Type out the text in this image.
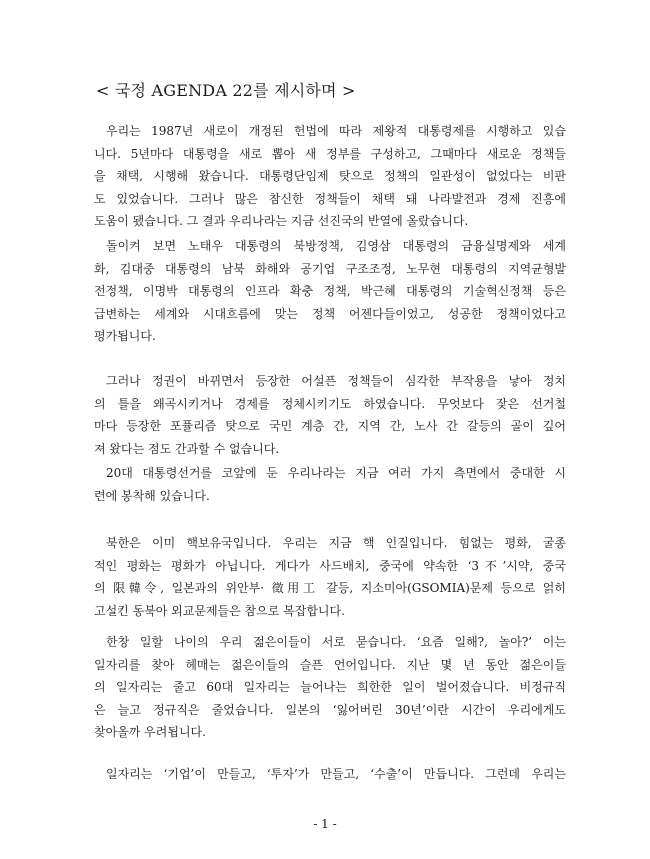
< 국정 AGENDA 22를 제시하며 >
우리는 1987년 새로이 개정된 헌법에 따라 제왕적 대통령제를 시행하고 있습
니다. 5년마다 대통령을 새로 뽑아 새 정부를 구성하고, 그때마다 새로운 정책들
을 채택, 시행해 왔습니다. 대통령단임제 탓으로 정책의 일관성이 없었다는 비판
도 있었습니다. 그러나 많은 참신한 정책들이 채택 돼 나라발전과 경제 진흥에
도움이 됐습니다. 그 결과 우리나라는 지금 선진국의 반열에 올랐습니다.
돌이켜 보면 노태우 대통령의 북방정책, 김영삼 대통령의 금융실명제와 세계
화, 김대중 대통령의 남북 화해와 공기업 구조조정, 노무현 대통령의 지역균형발
전정책, 이명박 대통령의 인프라 확충 정책, 박근혜 대통령의 기술혁신정책 등은
급변하는 세계와 시대흐름에 맞는 정책 어젠다들이었고, 성공한 정책이었다고
평가됩니다.
그러나 정권이 바뀌면서 등장한 어설픈 정책들이 심각한 부작용을 낳아 정치
의 틀을 왜곡시키거나 경제를 정체시키기도 하였습니다. 무엇보다 잦은 선거철
마다 등장한 포퓰리즘 탓으로 국민 계층 간, 지역 간, 노사 간 갈등의 골이 깊어
져 왔다는 점도 간과할 수 없습니다.
20대 대통령선거를 코앞에 둔 우리나라는 지금 여러 가지 측면에서 중대한 시
련에 봉착해 있습니다.
북한은 이미 핵보유국입니다. 우리는 지금 핵 인질입니다. 힘없는 평화, 굴종
적인 평화는 평화가 아닙니다. 게다가 사드배치, 중국에 약속한 ‘3不’시약, 중국
의 限韓令, 일본과의 위안부· 徵用工 갈등, 지소미아(GSOMIA)문제 등으로 얽히
고설킨 동북아 외교문제들은 참으로 복잡합니다.
한창 일할 나이의 우리 젊은이들이 서로 묻습니다. ‘요즘 일해?, 놀아?’ 이는
일자리를 찾아 헤매는 젊은이들의 슬픈 언어입니다. 지난 몇 년 동안 젊은이들
의 일자리는 줄고 60대 일자리는 늘어나는 희한한 일이 벌어졌습니다. 비정규직
은 늘고 정규직은 줄었습니다. 일본의 ‘잃어버린 30년’이란 시간이 우리에게도
찾아올까 우려됩니다.
일자리는 ‘기업’이 만들고, ‘투자’가 만들고, ‘수출’이 만듭니다. 그런데 우리는

- 1 -
